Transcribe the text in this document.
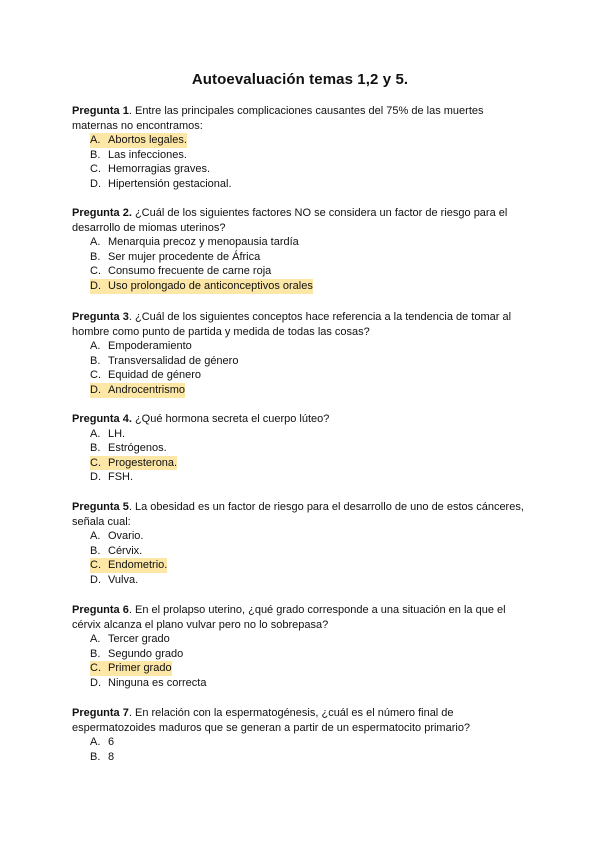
Autoevaluación temas 1,2 y 5.

Pregunta 1. Entre las principales complicaciones causantes del 75% de las muertes maternas no encontramos:

A. Abortos legales.
B. Las infecciones.
C. Hemorragias graves.
D. Hipertensión gestacional.

Pregunta 2. ¿Cuál de los siguientes factores NO se considera un factor de riesgo para el desarrollo de miomas uterinos?

A. Menarquia precoz y menopausia tardía
B. Ser mujer procedente de África
C. Consumo frecuente de carne roja
D. Uso prolongado de anticonceptivos orales

Pregunta 3. ¿Cuál de los siguientes conceptos hace referencia a la tendencia de tomar al hombre como punto de partida y medida de todas las cosas?

A. Empoderamiento
B. Transversalidad de género
C. Equidad de género
D. Androcentrismo

Pregunta 4. ¿Qué hormona secreta el cuerpo lúteo?

A. LH.
B. Estrógenos.
C. Progesterona.
D. FSH.

Pregunta 5. La obesidad es un factor de riesgo para el desarrollo de uno de estos cánceres, señala cual:

A. Ovario.
B. Cérvix.
C. Endometrio.
D. Vulva.

Pregunta 6. En el prolapso uterino, ¿qué grado corresponde a una situación en la que el cérvix alcanza el plano vulvar pero no lo sobrepasa?

A. Tercer grado
B. Segundo grado
C. Primer grado
D. Ninguna es correcta

Pregunta 7. En relación con la espermatogénesis, ¿cuál es el número final de espermatozoides maduros que se generan a partir de un espermatocito primario?

A. 6
B. 8
